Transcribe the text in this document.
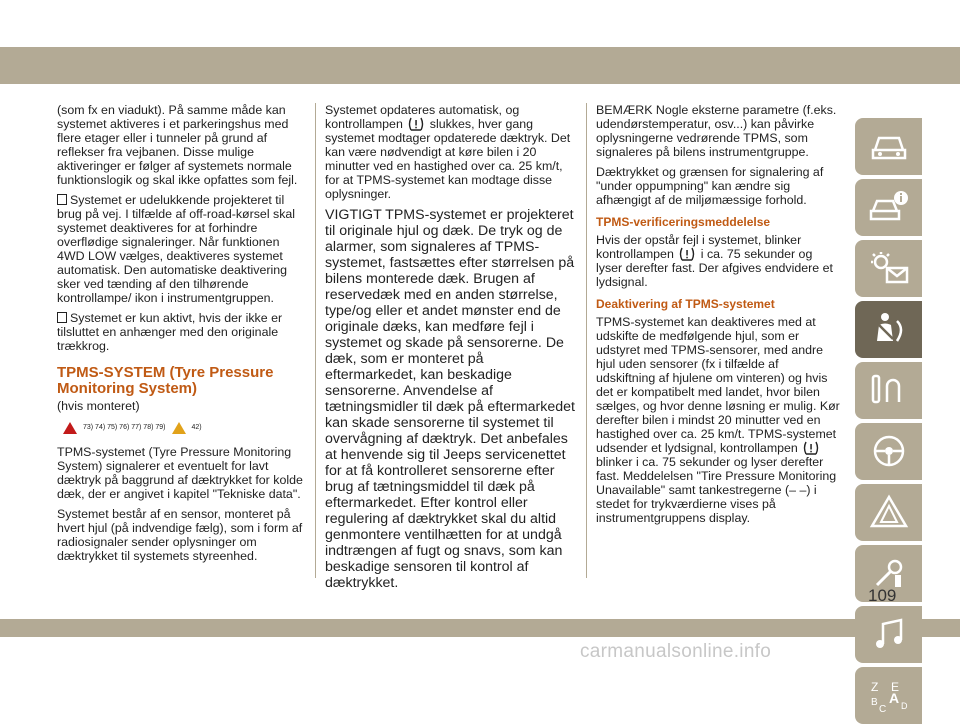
(som fx en viadukt). På samme måde kan systemet aktiveres i et parkeringshus med flere etager eller i tunneler på grund af reflekser fra vejbanen. Disse mulige aktiveringer er følger af systemets normale funktionslogik og skal ikke opfattes som fejl.

Systemet er udelukkende projekteret til brug på vej. I tilfælde af off-road-kørsel skal systemet deaktiveres for at forhindre overflødige signaleringer. Når funktionen 4WD LOW vælges, deaktiveres systemet automatisk. Den automatiske deaktivering sker ved tænding af den tilhørende kontrollampe/ ikon i instrumentgruppen.

Systemet er kun aktivt, hvis der ikke er tilsluttet en anhænger med den originale trækkrog.

TPMS-SYSTEM (Tyre Pressure Monitoring System)

(hvis monteret)

73) 74) 75) 76) 77) 78) 79)	42)

TPMS-systemet (Tyre Pressure Monitoring System) signalerer et eventuelt for lavt dæktryk på baggrund af dæktrykket for kolde dæk, der er angivet i kapitel "Tekniske data".

Systemet består af en sensor, monteret på hvert hjul (på indvendige fælg), som i form af radiosignaler sender oplysninger om dæktrykket til systemets styreenhed.

Systemet opdateres automatisk, og kontrollampen slukkes, hver gang systemet modtager opdaterede dæktryk. Det kan være nødvendigt at køre bilen i 20 minutter ved en hastighed over ca. 25 km/t, for at TPMS-systemet kan modtage disse oplysninger.

VIGTIGT TPMS-systemet er projekteret til originale hjul og dæk. De tryk og de alarmer, som signaleres af TPMS-systemet, fastsættes efter størrelsen på bilens monterede dæk. Brugen af reservedæk med en anden størrelse, type/og eller et andet mønster end de originale dæks, kan medføre fejl i systemet og skade på sensorerne. De dæk, som er monteret på eftermarkedet, kan beskadige sensorerne. Anvendelse af tætningsmidler til dæk på eftermarkedet kan skade sensorerne til systemet til overvågning af dæktryk. Det anbefales at henvende sig til Jeeps servicenettet for at få kontrolleret sensorerne efter brug af tætningsmiddel til dæk på eftermarkedet. Efter kontrol eller regulering af dæktrykket skal du altid genmontere ventilhætten for at undgå indtrængen af fugt og snavs, som kan beskadige sensoren til kontrol af dæktrykket.

BEMÆRK Nogle eksterne parametre (f.eks. udendørstemperatur, osv...) kan påvirke oplysningerne vedrørende TPMS, som signaleres på bilens instrumentgruppe.

Dæktrykket og grænsen for signalering af "under oppumpning" kan ændre sig afhængigt af de miljømæssige forhold.

TPMS-verificeringsmeddelelse

Hvis der opstår fejl i systemet, blinker kontrollampen i ca. 75 sekunder og lyser derefter fast. Der afgives endvidere et lydsignal.

Deaktivering af TPMS-systemet

TPMS-systemet kan deaktiveres med at udskifte de medfølgende hjul, som er udstyret med TPMS-sensorer, med andre hjul uden sensorer (fx i tilfælde af udskiftning af hjulene om vinteren) og hvis det er kompatibelt med landet, hvor bilen sælges, og hvor denne løsning er mulig. Kør derefter bilen i mindst 20 minutter ved en hastighed over ca. 25 km/t. TPMS-systemet udsender et lydsignal, kontrollampen  blinker i ca. 75 sekunder og lyser derefter fast. Meddelelsen "Tire Pressure Monitoring Unavailable" samt tankestregerne (– –) i stedet for trykværdierne vises på instrumentgruppens display.

Z E
B A
C D
109
carmanualsonline.info
